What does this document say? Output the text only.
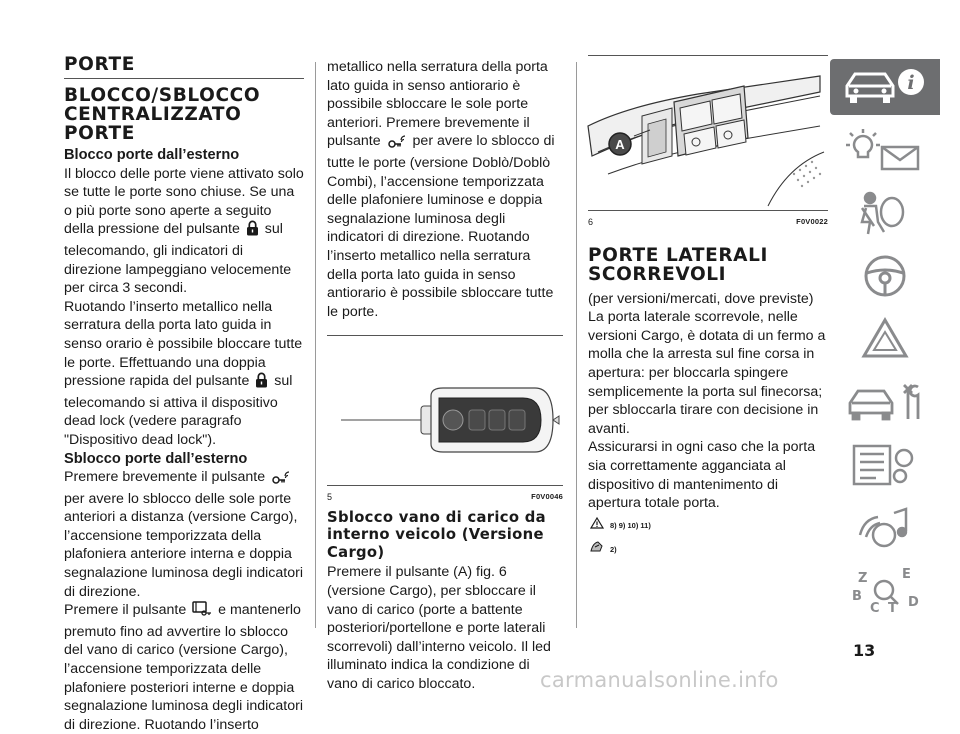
PORTE
BLOCCO/SBLOCCO
CENTRALIZZATO PORTE
Blocco porte dall’esterno

Il blocco delle porte viene attivato solo se tutte le porte sono chiuse. Se una o più porte sono aperte a seguito della pressione del pulsante sul telecomando, gli indicatori di direzione lampeggiano velocemente per circa 3 secondi.

Ruotando l’inserto metallico nella serratura della porta lato guida in senso orario è possibile bloccare tutte le porte. Effettuando una doppia pressione rapida del pulsante sul telecomando si attiva il dispositivo dead lock (vedere paragrafo "Dispositivo dead lock").

Sblocco porte dall’esterno

Premere brevemente il pulsante  per avere lo sblocco delle sole porte anteriori a distanza (versione Cargo), l’accensione temporizzata della plafoniera anteriore interna e doppia segnalazione luminosa degli indicatori di direzione.

Premere il pulsante e mantenerlo premuto fino ad avvertire lo sblocco del vano di carico (versione Cargo), l’accensione temporizzata delle plafoniere posteriori interne e doppia segnalazione luminosa degli indicatori di direzione. Ruotando l’inserto

metallico nella serratura della porta lato guida in senso antiorario è possibile sbloccare le sole porte anteriori. Premere brevemente il pulsante per avere lo sblocco di tutte le porte (versione Doblò/Doblò Combi), l’accensione temporizzata delle plafoniere luminose e doppia segnalazione luminosa degli indicatori di direzione. Ruotando l’inserto metallico nella serratura della porta lato guida in senso antiorario è possibile sbloccare tutte le porte.

5	F0V0046
Sblocco vano di carico da interno veicolo (Versione Cargo)

Premere il pulsante (A) fig. 6 (versione Cargo), per sbloccare il vano di carico (porte a battente posteriori/portellone e porte laterali scorrevoli) dall’interno veicolo. Il led illuminato indica la condizione di vano di carico bloccato.

A
6	F0V0022
PORTE LATERALI
SCORREVOLI

(per versioni/mercati, dove previste)

La porta laterale scorrevole, nelle versioni Cargo, è dotata di un fermo a molla che la arresta sul fine corsa in apertura: per bloccarla spingere semplicemente la porta sul finecorsa; per sbloccarla tirare con decisione in avanti.

Assicurarsi in ogni caso che la porta sia correttamente agganciata al dispositivo di mantenimento di apertura totale porta.

8) 9) 10) 11)
2)
i
Z	E
B
C T D
13
carmanualsonline.info
